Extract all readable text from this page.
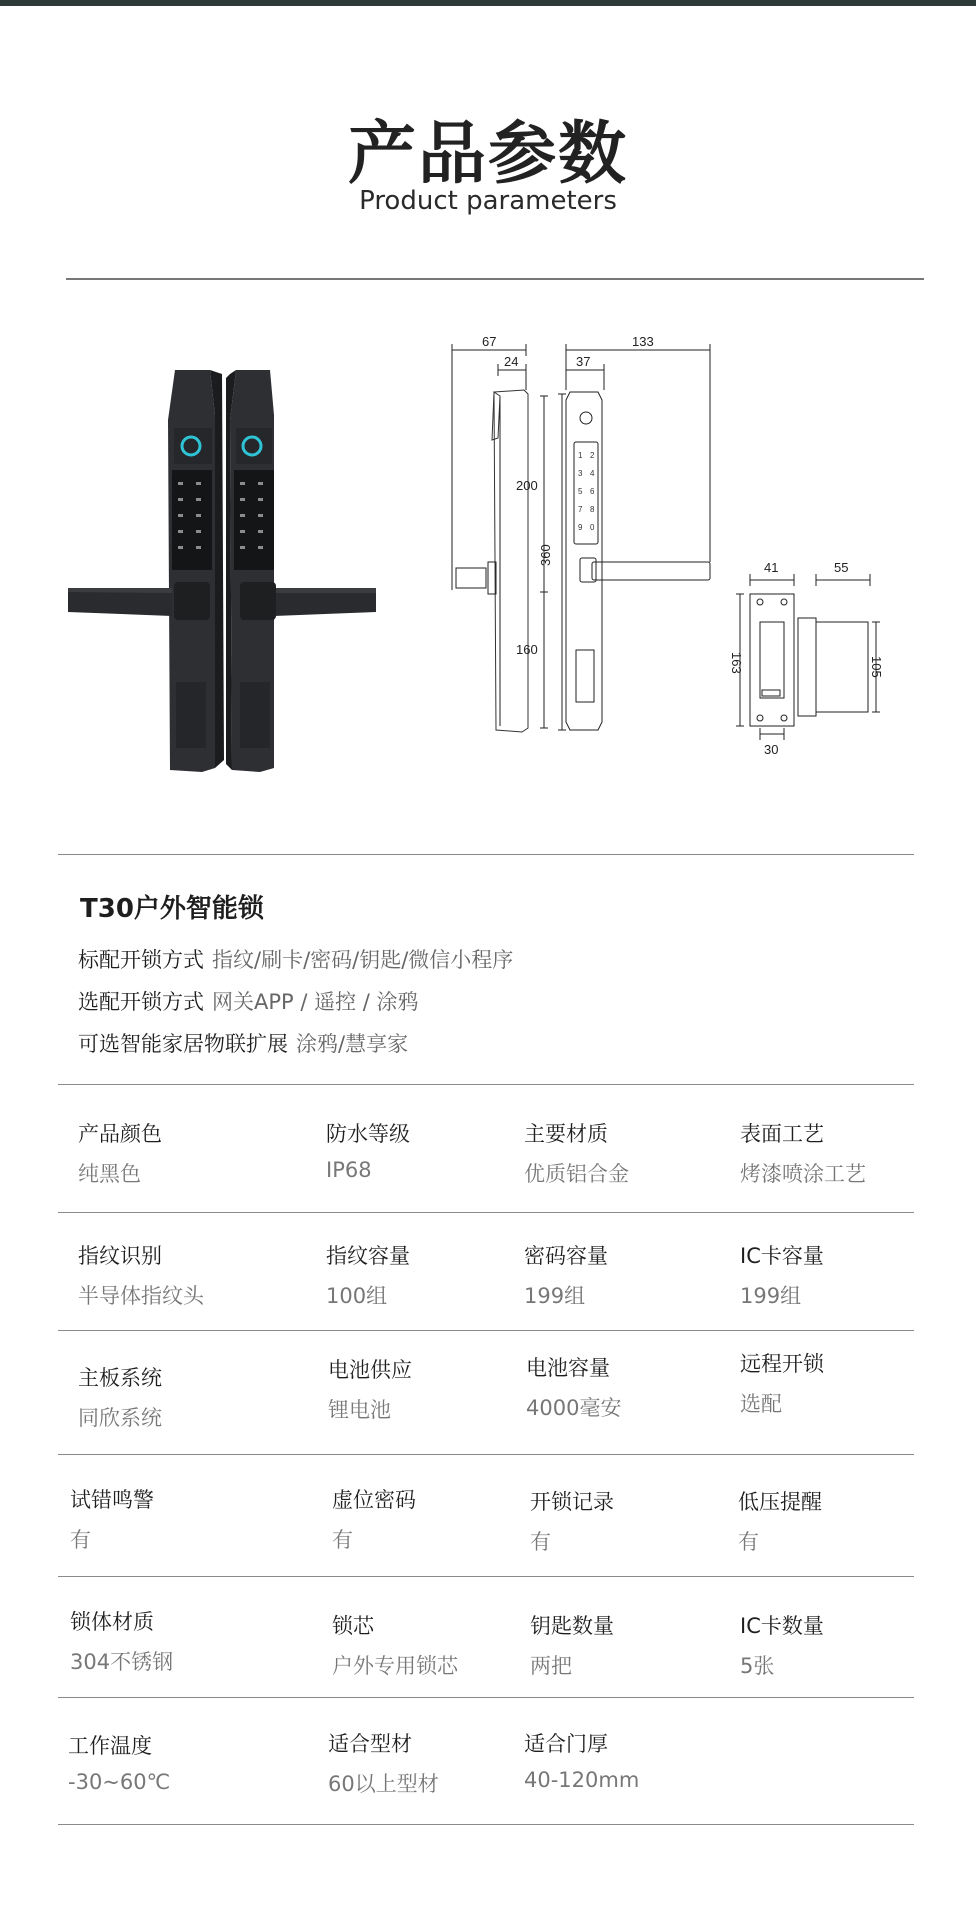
产品参数
Product parameters
67
24
200
160
1 2
3 4
5 6
7 8
9 0
133
37
360
41	55
163	105
30
T30户外智能锁
标配开锁方式 指纹/刷卡/密码/钥匙/微信小程序
选配开锁方式 网关APP / 遥控 / 涂鸦
可选智能家居物联扩展 涂鸦/慧享家
产品颜色
纯黑色
防水等级
IP68
主要材质
优质铝合金
表面工艺
烤漆喷涂工艺
指纹识别
半导体指纹头
指纹容量
100组
密码容量
199组
IC卡容量
199组
主板系统
同欣系统
电池供应
锂电池
电池容量
4000毫安
远程开锁
选配
试错鸣警
有
虚位密码
有
开锁记录
有
低压提醒
有
锁体材质
304不锈钢
锁芯
户外专用锁芯
钥匙数量
两把
IC卡数量
5张
工作温度
-30~60℃
适合型材
60以上型材
适合门厚
40-120mm
